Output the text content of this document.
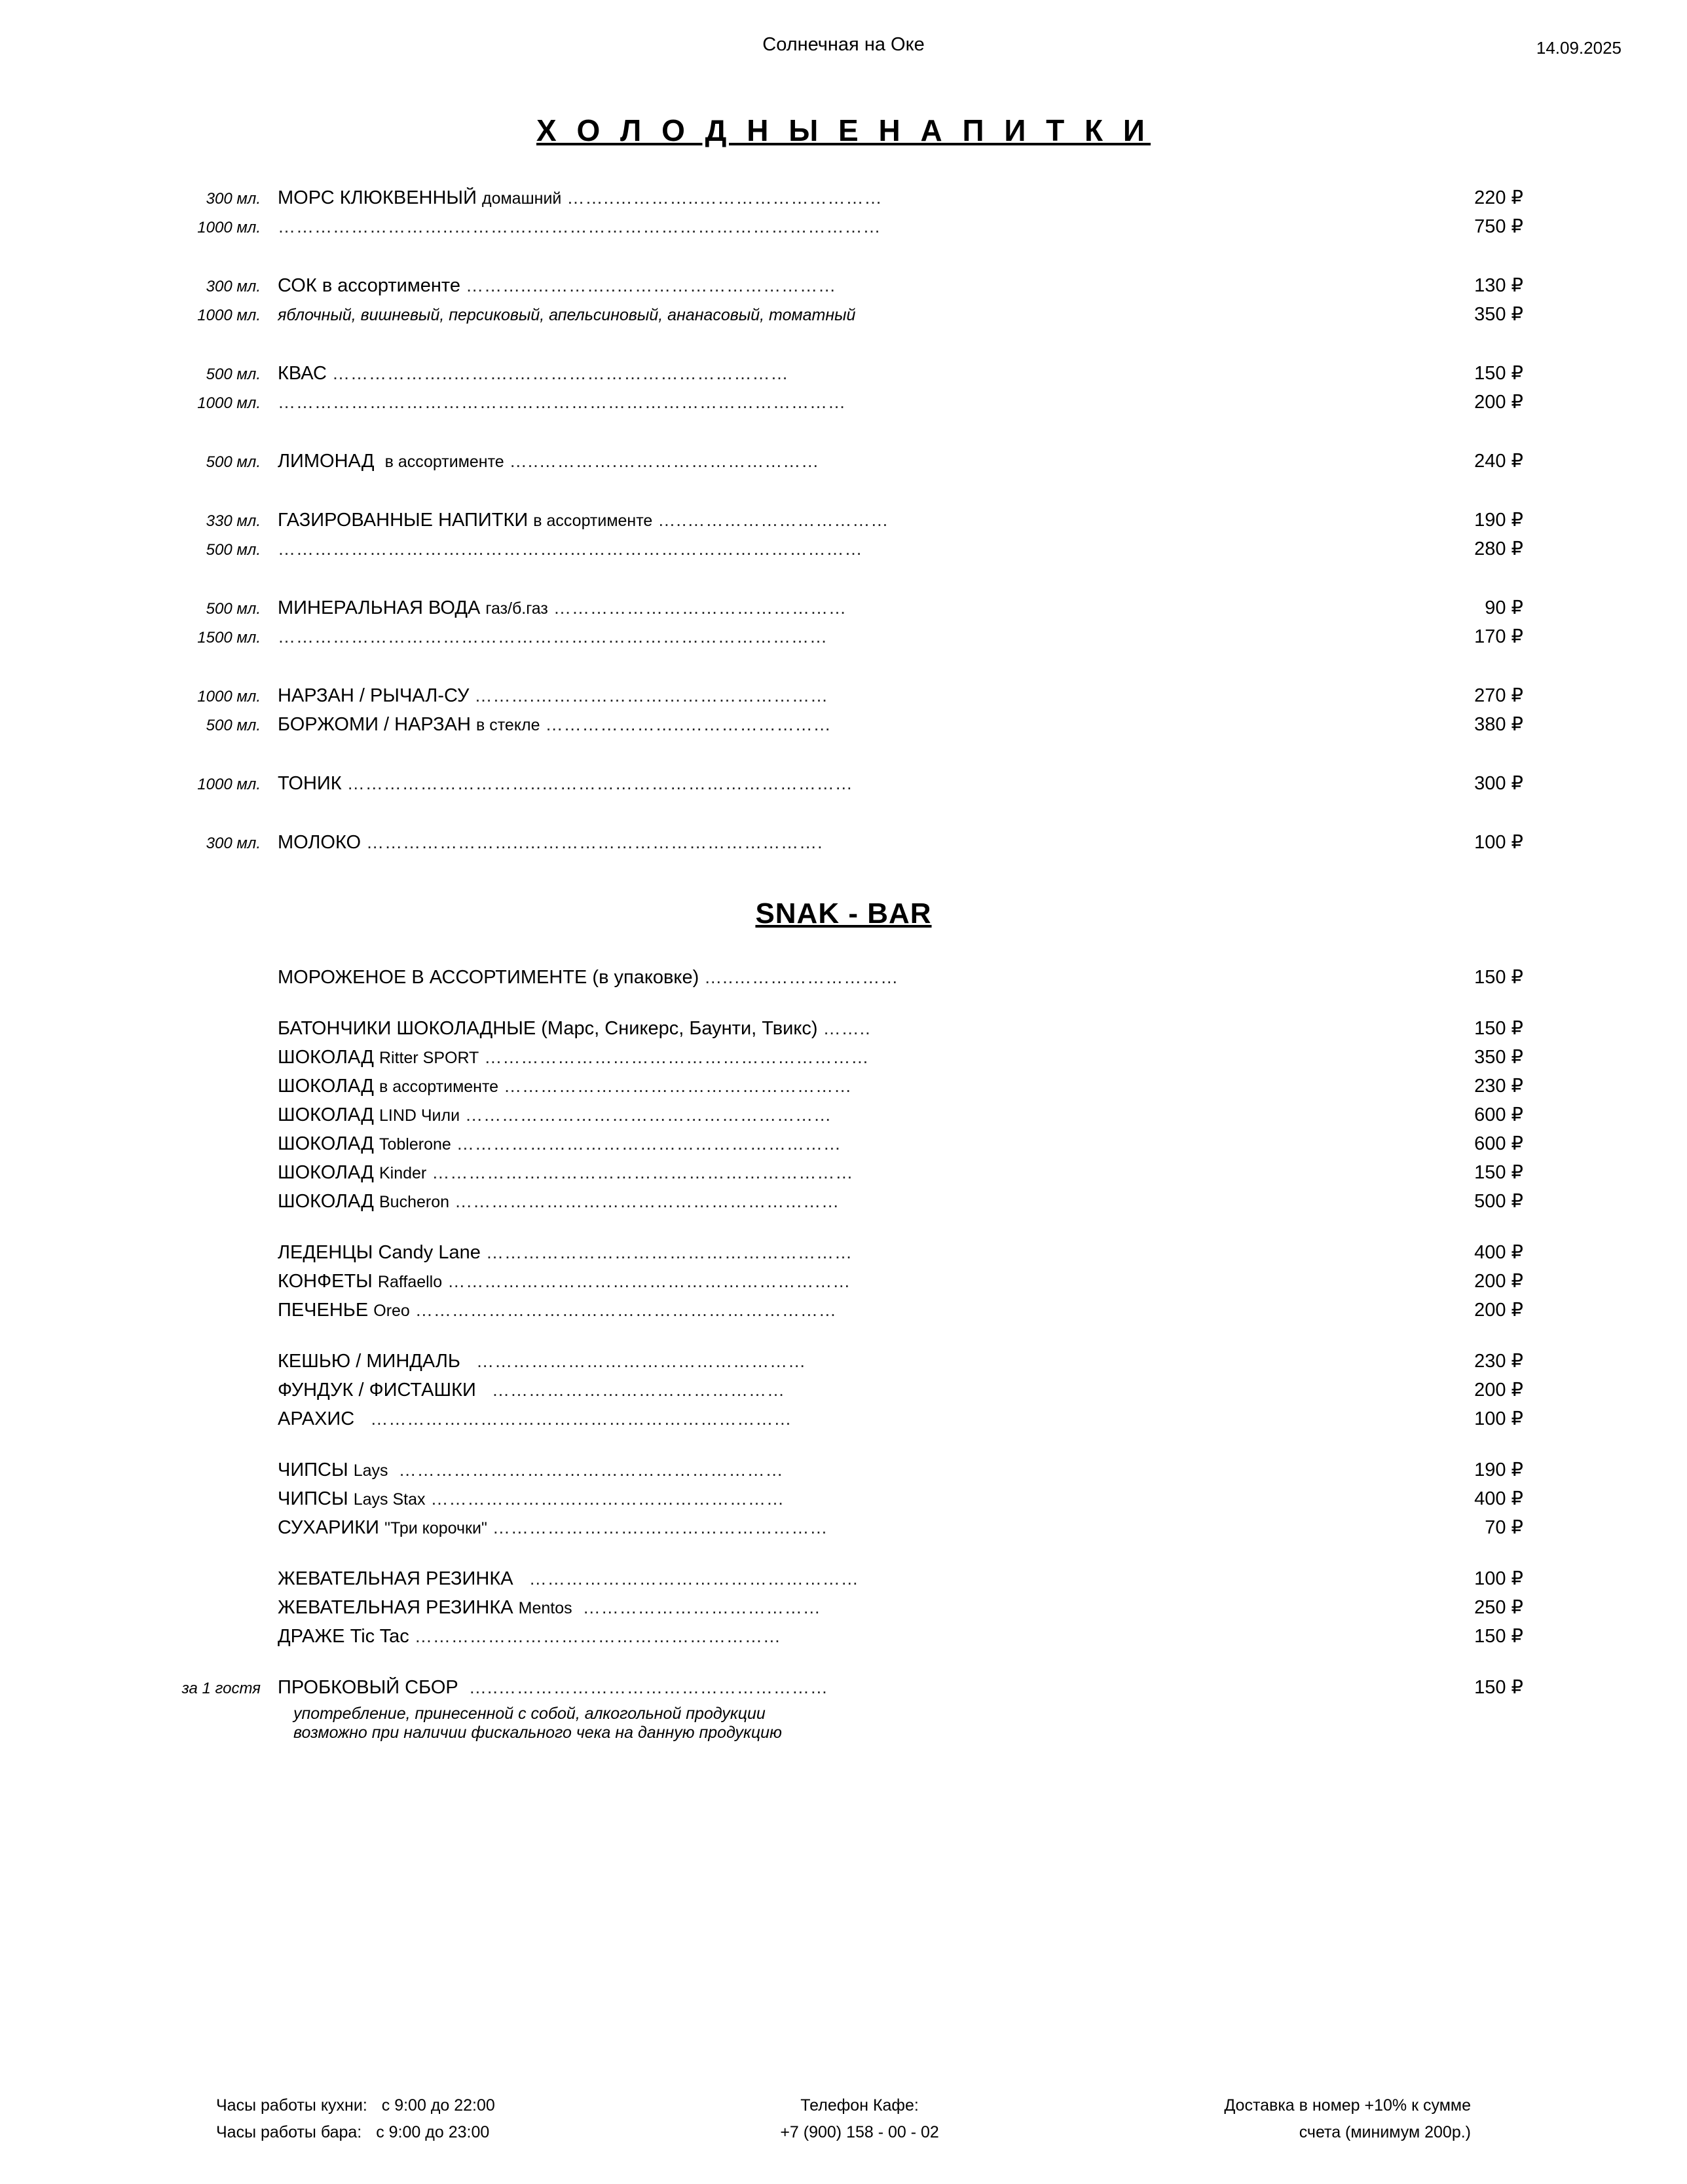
Солнечная на Оке	14.09.2025
Х О Л О Д Н Ы Е Н А П И Т К И
300 мл. МОРС КЛЮКВЕННЫЙ домашний ……..…………..…………………………	220 ₽
1000 мл. ………………………..………….…………………………………………………	750 ₽
300 мл. СОК в ассортименте ………..…………..………………………………	130 ₽
1000 мл.	яблочный, вишневый, персиковый, апельсиновый, ананасовый, томатный	350 ₽
500 мл. КВАС ………………..……….………………………………………	150 ₽
1000 мл. …………………………………………………………………………………	200 ₽
500 мл. ЛИМОНАД в ассортименте …..………….……………………………	240 ₽
330 мл. ГАЗИРОВАННЫЕ НАПИТКИ в ассортименте …..……………………………	190 ₽
500 мл. ………………………….……………..…………………………………………	280 ₽
500 мл. МИНЕРАЛЬНАЯ ВОДА газ/б.газ …………………………………………	90 ₽
1500 мл. ………………………………………………………………………………	170 ₽
1000 мл. НАРЗАН / РЫЧАЛ-СУ ……….…………………………………………	270 ₽
500 мл. БОРЖОМИ / НАРЗАН в стекле …………………..……………………	380 ₽
1000 мл. ТОНИК …………………………..……………………………………………	300 ₽
300 мл. МОЛОКО ……………………..………………………………………….	100 ₽
SNAK - BAR
МОРОЖЕНОЕ В АССОРТИМЕНТЕ (в упаковке) …..………………………	150 ₽
БАТОНЧИКИ ШОКОЛАДНЫЕ (Марс, Сникерс, Баунти, Твикс) ……..	150 ₽
ШОКОЛАД Ritter SPORT ………………………………………………………	350 ₽
ШОКОЛАД в ассортименте …………………………………………………	230 ₽
ШОКОЛАД LIND Чили ……………………………………………………	600 ₽
ШОКОЛАД Toblerone ………………………………………………………	600 ₽
ШОКОЛАД Kinder ……………………………………………………………	150 ₽
ШОКОЛАД Bucheron ………………………………………………………	500 ₽
ЛЕДЕНЦЫ Candy Lane ……………………………………………………	400 ₽
КОНФЕТЫ Raffaello …………………………………………………………	200 ₽
ПЕЧЕНЬЕ Oreo ……………………………………………………………	200 ₽
КЕШЬЮ / МИНДАЛЬ ………………………………………………	230 ₽
ФУНДУК / ФИСТАШКИ …………………………………………	200 ₽
АРАХИС ……………………………………………………………	100 ₽
ЧИПСЫ Lays ………………………………………………………	190 ₽
ЧИПСЫ Lays Stax …………………….……………………………	400 ₽
СУХАРИКИ "Три корочки" …………………….…………………………	70 ₽
ЖЕВАТЕЛЬНАЯ РЕЗИНКА ………………………………………………	100 ₽
ЖЕВАТЕЛЬНАЯ РЕЗИНКА Mentos …………………………………	250 ₽
ДРАЖЕ Tic Tac ……………………………………………………	150 ₽
за 1 гостя ПРОБКОВЫЙ СБОР …..………………………………………………	150 ₽
употребление, принесенной с собой, алкогольной продукции
возможно при наличии фискального чека на данную продукцию
Часы работы кухни: с 9:00 до 22:00
Часы работы бара: с 9:00 до 23:00
Телефон Кафе:
+7 (900) 158 - 00 - 02
Доставка в номер +10% к сумме
счета (минимум 200р.)
